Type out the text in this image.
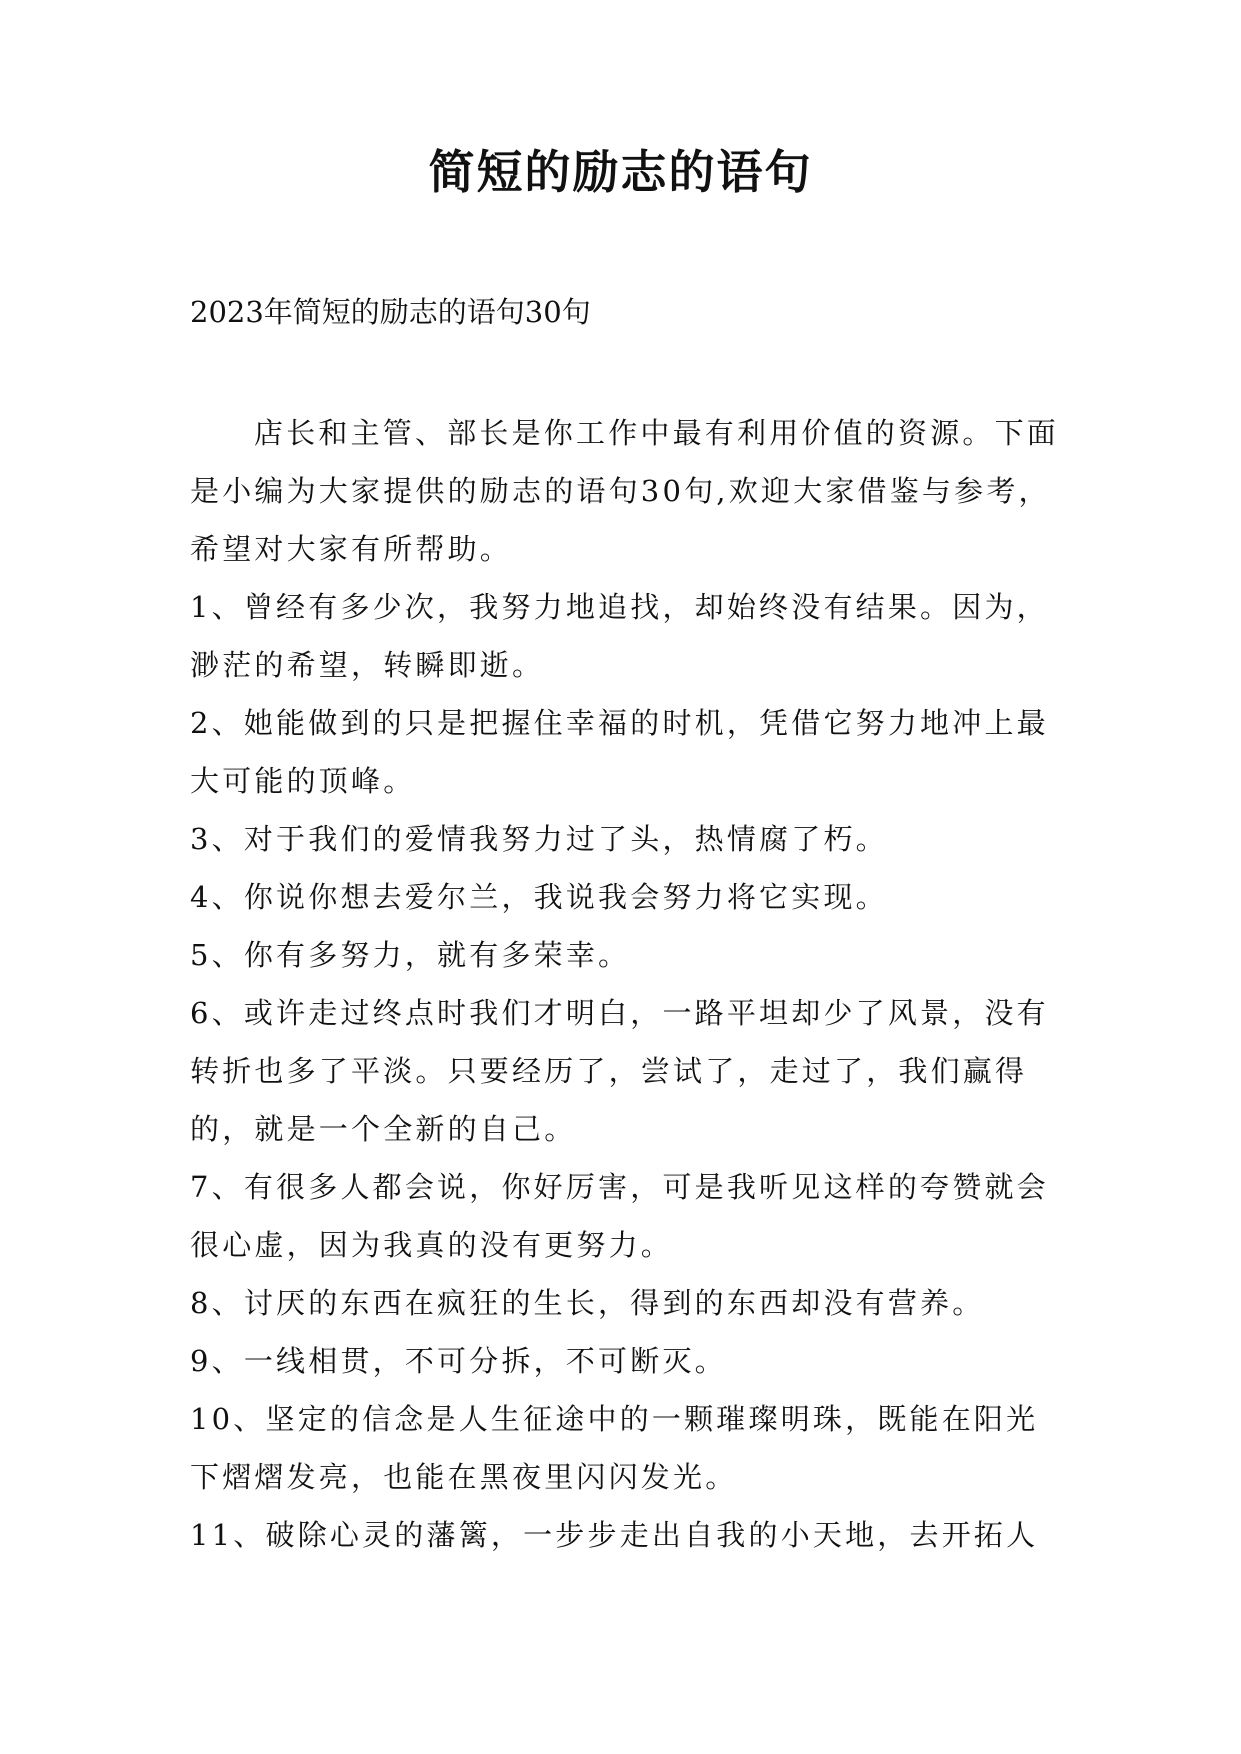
简短的励志的语句
2023年简短的励志的语句30句

店长和主管、部长是你工作中最有利用价值的资源。下面是小编为大家提供的励志的语句30句,欢迎大家借鉴与参考，希望对大家有所帮助。

1、曾经有多少次，我努力地追找，却始终没有结果。因为，渺茫的希望，转瞬即逝。

2、她能做到的只是把握住幸福的时机，凭借它努力地冲上最大可能的顶峰。

3、对于我们的爱情我努力过了头，热情腐了朽。

4、你说你想去爱尔兰，我说我会努力将它实现。

5、你有多努力，就有多荣幸。

6、或许走过终点时我们才明白，一路平坦却少了风景，没有转折也多了平淡。只要经历了，尝试了，走过了，我们赢得的，就是一个全新的自己。

7、有很多人都会说，你好厉害，可是我听见这样的夸赞就会很心虚，因为我真的没有更努力。

8、讨厌的东西在疯狂的生长，得到的东西却没有营养。

9、一线相贯，不可分拆，不可断灭。

10、坚定的信念是人生征途中的一颗璀璨明珠，既能在阳光下熠熠发亮，也能在黑夜里闪闪发光。

11、破除心灵的藩篱，一步步走出自我的小天地，去开拓人
